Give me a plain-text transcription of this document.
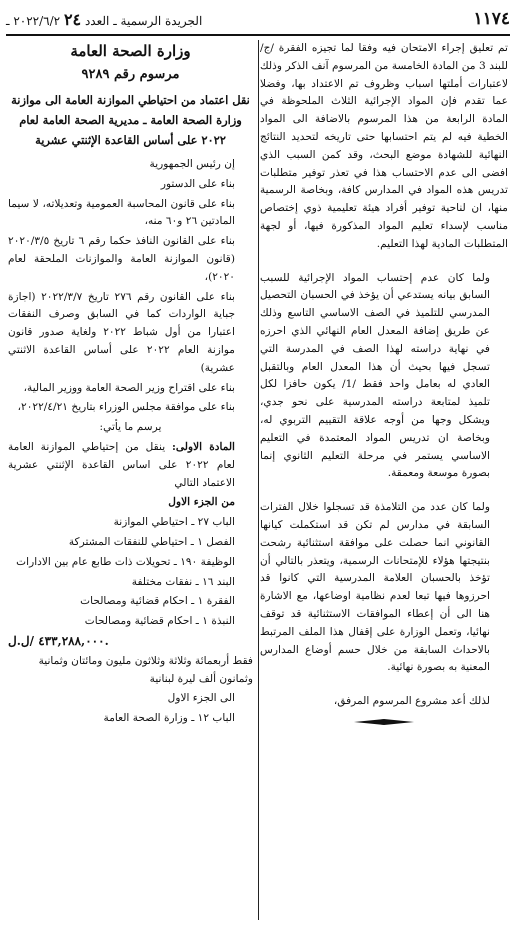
١١٧٤
الجريدة الرسمية ـ العدد ٢٤ ٢٠٢٢/٦/٢ ـ

تم تعليق إجراء الامتحان فيه وفقا لما تجيزه الفقرة /ج/ للبند 3 من المادة الخامسة من المرسوم آنف الذكر وذلك لاعتبارات أملتها اسباب وظروف تم الاعتداد بها، وفضلا عما تقدم فإن المواد الإجرائية الثلاث الملحوظة في المادة الرابعة من هذا المرسوم بالاضافة الى المواد الخطية فيه لم يتم احتسابها حتى تاريخه لتحديد النتائج النهائية للشهادة موضع البحث، وقد كمن السبب الذي افضى الى عدم الاحتساب هذا في تعذر توفير متطلبات تدريس هذه المواد في المدارس كافة، وبخاصة الرسمية منها، ان لناحية توفير أفراد هيئة تعليمية ذوي إختصاص مناسب لإسداء تعليم المواد المذكورة فيها، أو لجهة المتطلبات المادية لهذا التعليم.

ولما كان عدم إحتساب المواد الإجرائية للسبب السابق بيانه يستدعي أن يؤخذ في الحسبان التحصيل المدرسي للتلميذ في الصف الاساسي التاسع وذلك عن طريق إضافة المعدل العام النهائي الذي احرزه في نهاية دراسته لهذا الصف في المدرسة التي تسجل فيها بحيث أن هذا المعدل العام وبالتقبل العادي له بعامل واحد فقط /1/ يكون حافزا لكل تلميذ لمتابعة دراسته المدرسية على نحو جدي، ويشكل وجها من أوجه علاقة التقييم التربوي له، وبخاصة ان تدريس المواد المعتمدة في التعليم الاساسي يستمر في مرحلة التعليم الثانوي إنما بصورة موسعة ومعمقة.

ولما كان عدد من التلامذة قد تسجلوا خلال الفترات السابقة في مدارس لم تكن قد استكملت كيانها القانوني انما حصلت على موافقة استثنائية رشحت بنتيجتها هؤلاء للإمتحانات الرسمية، ويتعذر بالتالي أن تؤخذ بالحسبان العلامة المدرسية التي كانوا قد احرزوها فيها تبعا لعدم نظامية اوضاعها، مع الاشارة هنا الى أن إعطاء الموافقات الاستثنائية قد توقف نهائيا، وتعمل الوزارة على إقفال هذا الملف المرتبط بالاحداث السابقة من خلال حسم أوضاع المدارس المعنية به بصورة نهائية.

لذلك أعد مشروع المرسوم المرفق،

وزارة الصحة العامة
مرسوم رقم ٩٢٨٩
نقل اعتماد من احتياطي الموازنة العامة الى موازنة وزارة الصحة العامة ـ مديرية الصحة العامة لعام ٢٠٢٢ على أساس القاعدة الإثنتي عشرية

إن رئيس الجمهورية

بناء على الدستور

بناء على قانون المحاسبة العمومية وتعديلاته، لا سيما المادتين ٢٦ و٦٠ منه،

بناء على القانون النافذ حكما رقم ٦ تاريخ ٢٠٢٠/٣/٥ (قانون الموازنة العامة والموازنات الملحقة لعام ٢٠٢٠)،

بناء على القانون رقم ٢٧٦ تاريخ ٢٠٢٢/٣/٧ (اجازة جباية الواردات كما في السابق وصرف النفقات اعتبارا من أول شباط ٢٠٢٢ ولغاية صدور قانون موازنة العام ٢٠٢٢ على أساس القاعدة الاثنتي عشرية)

بناء على اقتراح وزير الصحة العامة ووزير المالية،

بناء على موافقة مجلس الوزراء بتاريخ ٢٠٢٢/٤/٢١،

يرسم ما يأتي:

المادة الاولى: ينقل من إحتياطي الموازنة العامة لعام ٢٠٢٢ على اساس القاعدة الإثنتي عشرية الاعتماد التالي

من الجزء الاول

الباب ٢٧ ـ احتياطي الموازنة

الفصل ١ ـ احتياطي للنفقات المشتركة

الوظيفة ١٩٠ ـ تحويلات ذات طابع عام بين الادارات

البند ١٦ ـ نفقات مختلفة

الفقرة ١ ـ احكام قضائية ومصالحات

النبذة ١ ـ احكام قضائية ومصالحات

٤٣٣,٢٨٨,٠٠٠ /ل.ل.

فقط أربعمائة وثلاثة وثلاثون مليون ومائتان وثمانية وثمانون ألف ليرة لبنانية

الى الجزء الاول

الباب ١٢ ـ وزارة الصحة العامة
